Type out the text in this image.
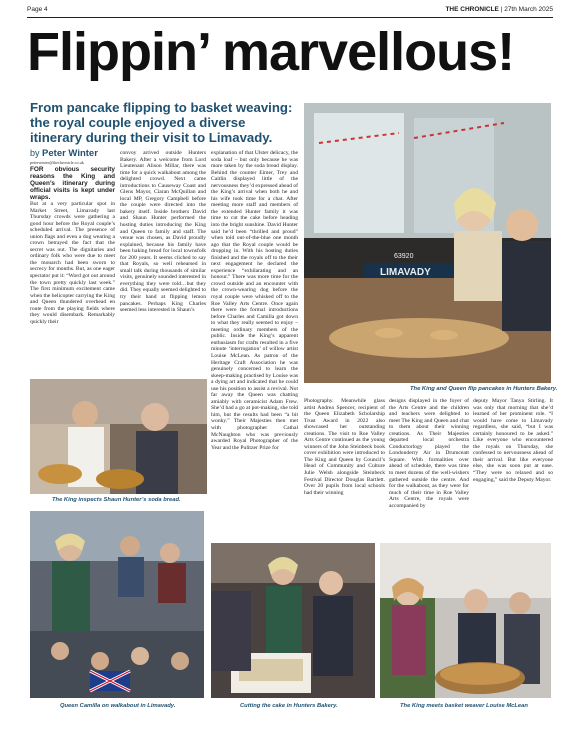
Page 4	THE CHRONICLE | 27th March 2025
Flippin’ marvellous!
From pancake flipping to basket weaving: the royal couple enjoyed a diverse itinerary during their visit to Limavady.
by Peter Winter
peterwinter@thechronicle.co.uk

FOR obvious security reasons the King and Queen’s itinerary during official visits is kept under wraps.

But at a very particular spot in Market Street, Limavady last Thursday crowds were gathering a good hour before the Royal couple’s scheduled arrival. The presence of union flags and even a dog wearing a crown betrayed the fact that the secret was out. The dignitaries and ordinary folk who were due to meet the monarch had been sworn to secrecy for months. But, as one eager spectator put it: “Word got out around the town pretty quickly last week.” The first minimum excitement came when the helicopter carrying the King and Queen thundered overhead en route from the playing fields where they would disembark. Remarkably quickly their

convoy arrived outside Hunters Bakery. After a welcome from Lord Lieutenant Alison Millar, there was time for a quick walkabout among the delighted crowd. Next came introductions to Causeway Coast and Glens Mayor, Ciaran McQuillan and local MP, Gregory Campbell before the couple were directed into the bakery itself. Inside brothers David and Shaun Hunter performed the hosting duties introducing the King and Queen to family and staff. The venue was chosen, as David proudly explained, because his family have been baking bread for local townsfolk for 200 years. It seems cliched to say that Royals, so well rehearsed in small talk during thousands of similar visits, genuinely sounded interested in everything they were told…but they did. They equally seemed delighted to try their hand at flipping lemon pancakes. Perhaps King Charles seemed less interested in Shaun’s
explanation of that Ulster delicacy, the soda loaf – but only because he was more taken by the soda bread display. Behind the counter Eimer, Trey and Caitlin displayed little of the nervousness they’d expressed ahead of the King’s arrival when both he and his wife took time for a chat. After meeting more staff and members of the extended Hunter family it was time to cut the cake before heading into the bright sunshine. David Hunter said he’d been “thrilled and proud” when told out-of-the-blue one month ago that the Royal couple would be dropping in. With his hosting duties finished and the royals off to the their next engagement he declared the experience “exhilarating and an honour.” There was more time for the crowd outside and an encounter with the crown-wearing dog before the royal couple were whisked off to the Roe Valley Arts Centre. Once again there were the formal introductions before Charles and Camilla got down to what they really seemed to enjoy – meeting ordinary members of the public. Inside the King’s apparent enthusiasm for crafts resulted in a five minute ‘interrogation’ of willow artist Louise McLean. As patron of the Heritage Craft Association he was genuinely concerned to learn the skeep-making practised by Louise was a dying art and indicated that he could use his position to assist a revival. Not far away the Queen was chatting amiably with ceramicist Adam Frew. She’d had a go at pot-making, she told him, but the results had been “a bit wonky.” Their Majesties then met with photographer Cathal McNaughton who was previously awarded Royal Photographer of the Year and the Pulitzer Prize for
LIMAVADY
63920
The King and Queen flip pancakes in Hunters Bakery.
The King inspects Shaun Hunter’s soda bread.
Photography. Meanwhile glass artist Andrea Spencer, recipient of the Queen Elizabeth Scholarship Trust Award in 2022 also showcased her outstanding creations. The visit to Roe Valley Arts Centre continued as the young winners of the John Steinbeck book cover exhibition were introduced to The King and Queen by Council’s Head of Community and Culture Julie Welsh alongside Steinbeck Festival Director Douglas Bartlett. Over 20 pupils from local schools had their winning
designs displayed in the foyer of the Arts Centre and the children and teachers were delighted to meet The King and Queen and chat to them about their winning creations. As Their Majesties departed local orchestra Conductorlogy played the Londonderry Air in Drumceatt Square. With formalities over ahead of schedule, there was time to meet dozens of the well-wishers gathered outside the centre. And for the walkabout, as they were for much of their time in Roe Valley Arts Centre, the royals were accompanied by
deputy Mayor Tanya Stirling. It was only that morning that she’d learned of her prominent role. “I would have come to Limavady regardless, she said, “but I was certainly honoured to be asked.” Like everyone who encountered the royals on Thursday, she confessed to nervousness ahead of their arrival. But like everyone else, she was soon put at ease. “They were so relaxed and so engaging,” said the Deputy Mayor.
Queen Camilla on walkabout in Limavady.	Cutting the cake in Hunters Bakery.	The King meets basket weaver Louise McLean
